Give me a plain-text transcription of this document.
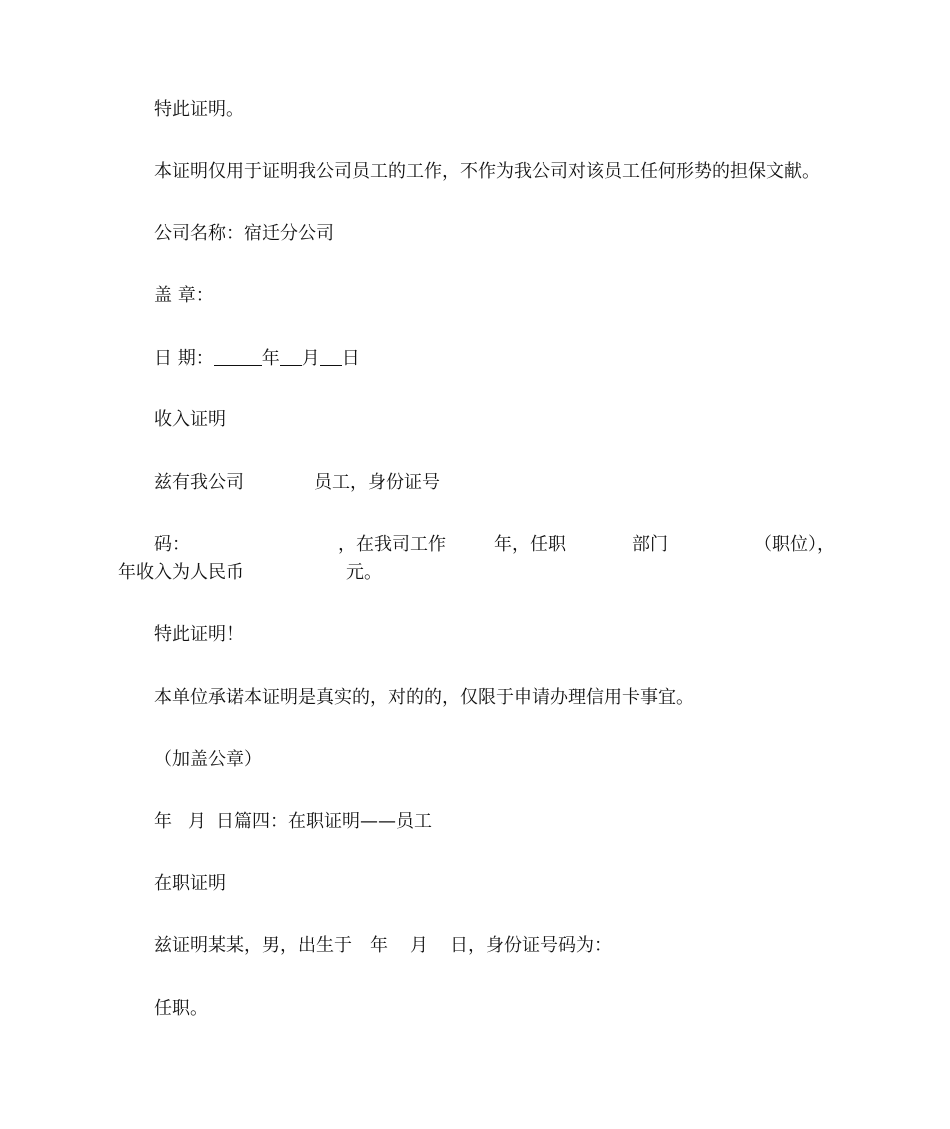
特此证明。
本证明仅用于证明我公司员工的工作，不作为我公司对该员工任何形势的担保文献。
公司名称：宿迁分公司
盖 章：
日 期：	年 月 日
收入证明
兹有我公司	员工，身份证号
码：	，在我司工作	年，任职	部门	（职位），
年收入为人民币	元。
特此证明！
本单位承诺本证明是真实的，对的的，仅限于申请办理信用卡事宜。
（加盖公章）
年 月 日篇四：在职证明——员工
在职证明
兹证明某某，男，出生于 年 月 日，身份证号码为：
任职。
